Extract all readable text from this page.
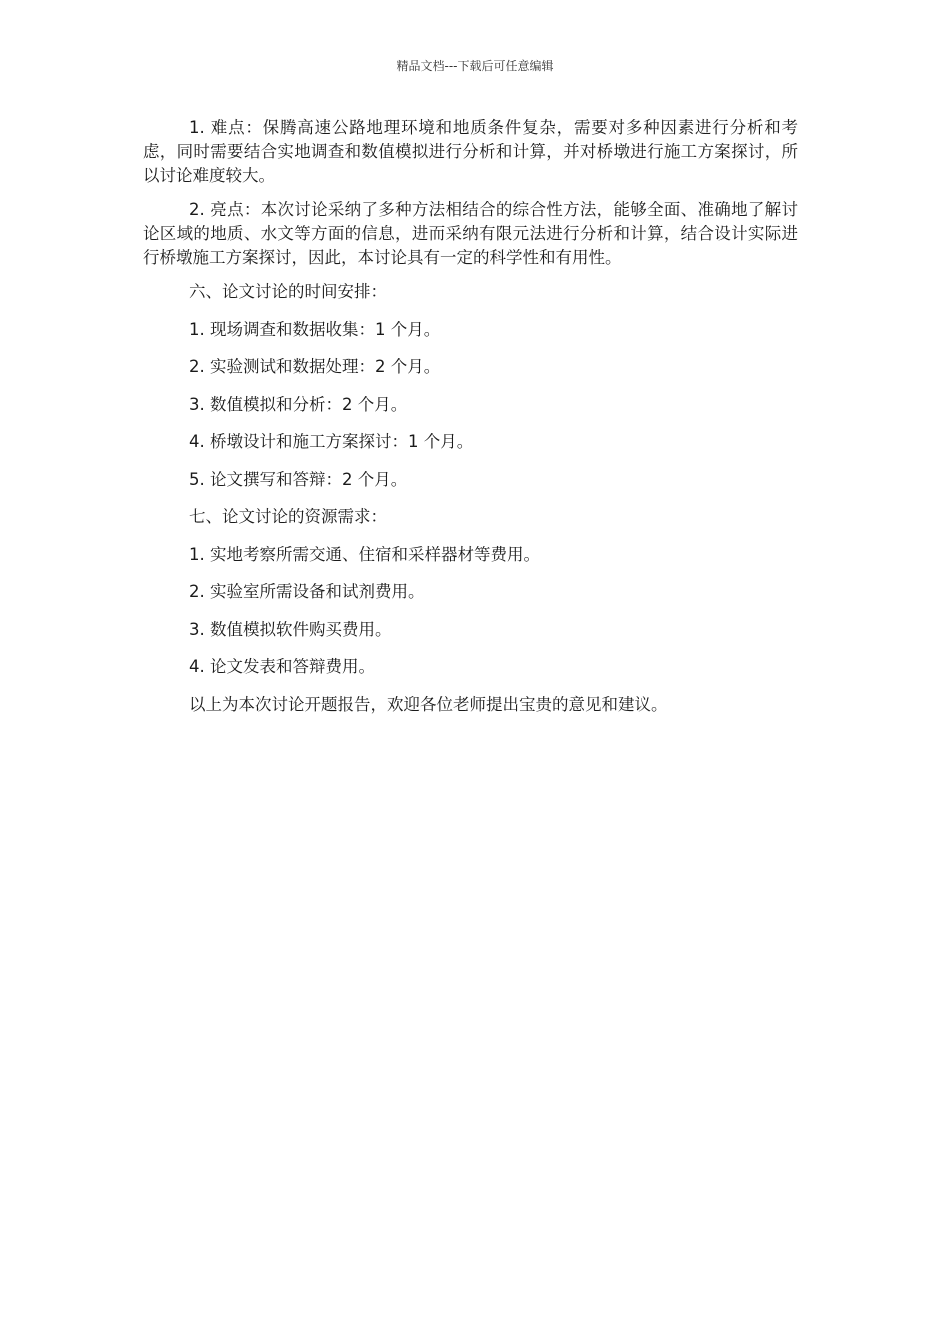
精品文档---下载后可任意编辑

1. 难点：保腾高速公路地理环境和地质条件复杂，需要对多种因素进行分析和考虑，同时需要结合实地调查和数值模拟进行分析和计算，并对桥墩进行施工方案探讨，所以讨论难度较大。

2. 亮点：本次讨论采纳了多种方法相结合的综合性方法，能够全面、准确地了解讨论区域的地质、水文等方面的信息，进而采纳有限元法进行分析和计算，结合设计实际进行桥墩施工方案探讨，因此，本讨论具有一定的科学性和有用性。

六、论文讨论的时间安排：

1. 现场调查和数据收集：1 个月。

2. 实验测试和数据处理：2 个月。

3. 数值模拟和分析：2 个月。

4. 桥墩设计和施工方案探讨：1 个月。

5. 论文撰写和答辩：2 个月。

七、论文讨论的资源需求：

1. 实地考察所需交通、住宿和采样器材等费用。

2. 实验室所需设备和试剂费用。

3. 数值模拟软件购买费用。

4. 论文发表和答辩费用。

以上为本次讨论开题报告，欢迎各位老师提出宝贵的意见和建议。
